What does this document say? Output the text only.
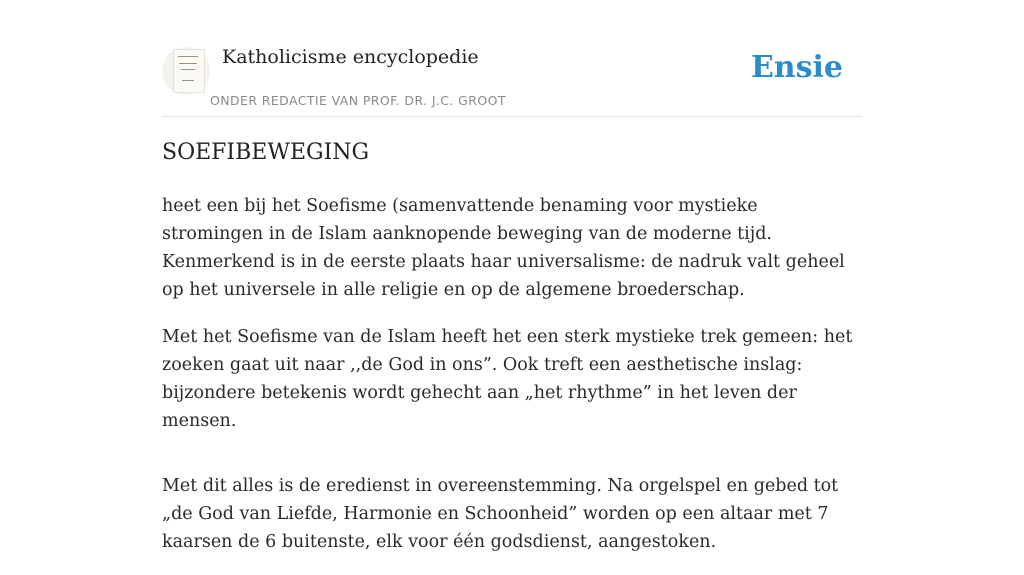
Katholicisme encyclopedie
ONDER REDACTIE VAN PROF. DR. J.C. GROOT
Ensie
SOEFIBEWEGING

heet een bij het Soefisme (samenvattende benaming voor mystieke stromingen in de Islam aanknopende beweging van de moderne tijd. Kenmerkend is in de eerste plaats haar universalisme: de nadruk valt geheel op het universele in alle religie en op de algemene broederschap.

Met het Soefisme van de Islam heeft het een sterk mystieke trek gemeen: het zoeken gaat uit naar ,,de God in ons”. Ook treft een aesthetische inslag: bijzondere betekenis wordt gehecht aan „het rhythme” in het leven der mensen.

Met dit alles is de eredienst in overeenstemming. Na orgelspel en gebed tot „de God van Liefde, Harmonie en Schoonheid” worden op een altaar met 7 kaarsen de 6 buitenste, elk voor één godsdienst, aangestoken.
